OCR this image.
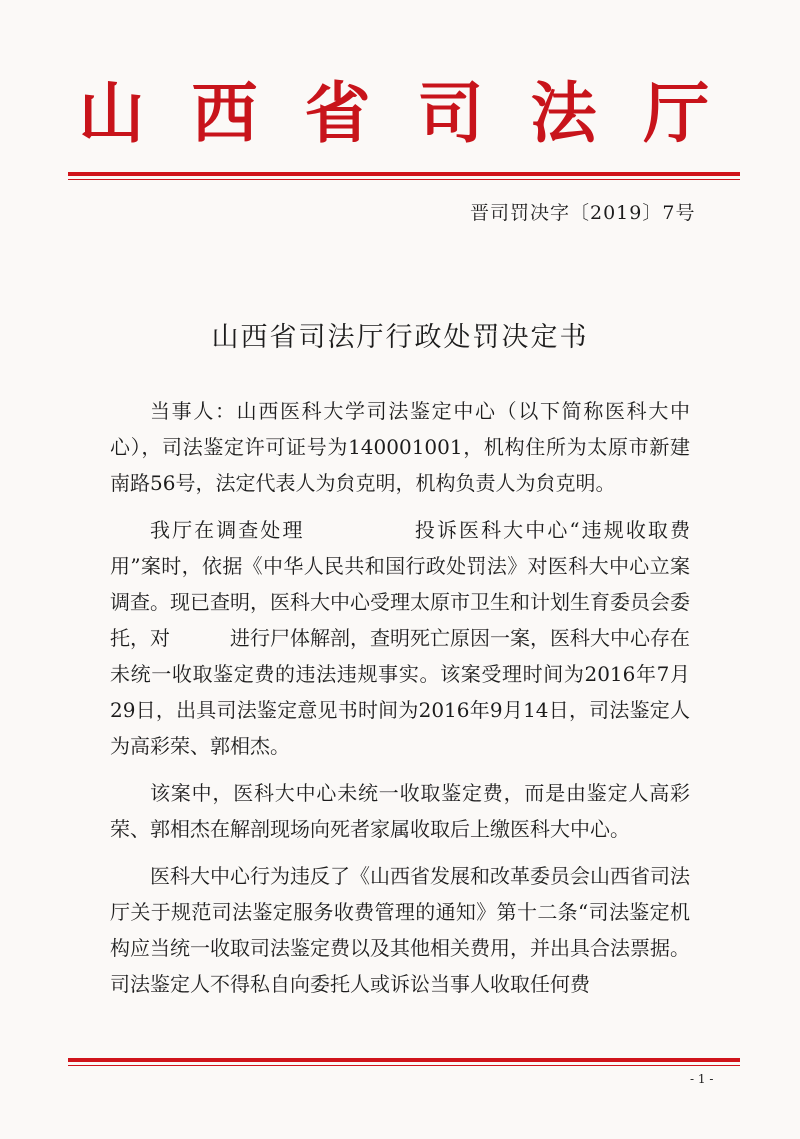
山 西 省 司 法 厅
晋司罚决字〔2019〕7号
山西省司法厅行政处罚决定书

当事人：山西医科大学司法鉴定中心（以下简称医科大中心），司法鉴定许可证号为140001001，机构住所为太原市新建南路56号，法定代表人为贠克明，机构负责人为贠克明。

我厅在调查处理　　　　　投诉医科大中心“违规收取费用”案时，依据《中华人民共和国行政处罚法》对医科大中心立案调查。现已查明，医科大中心受理太原市卫生和计划生育委员会委托，对　　　进行尸体解剖，查明死亡原因一案，医科大中心存在未统一收取鉴定费的违法违规事实。该案受理时间为2016年7月29日，出具司法鉴定意见书时间为2016年9月14日，司法鉴定人为高彩荣、郭相杰。

该案中，医科大中心未统一收取鉴定费，而是由鉴定人高彩荣、郭相杰在解剖现场向死者家属收取后上缴医科大中心。

医科大中心行为违反了《山西省发展和改革委员会山西省司法厅关于规范司法鉴定服务收费管理的通知》第十二条“司法鉴定机构应当统一收取司法鉴定费以及其他相关费用，并出具合法票据。司法鉴定人不得私自向委托人或诉讼当事人收取任何费

- 1 -
